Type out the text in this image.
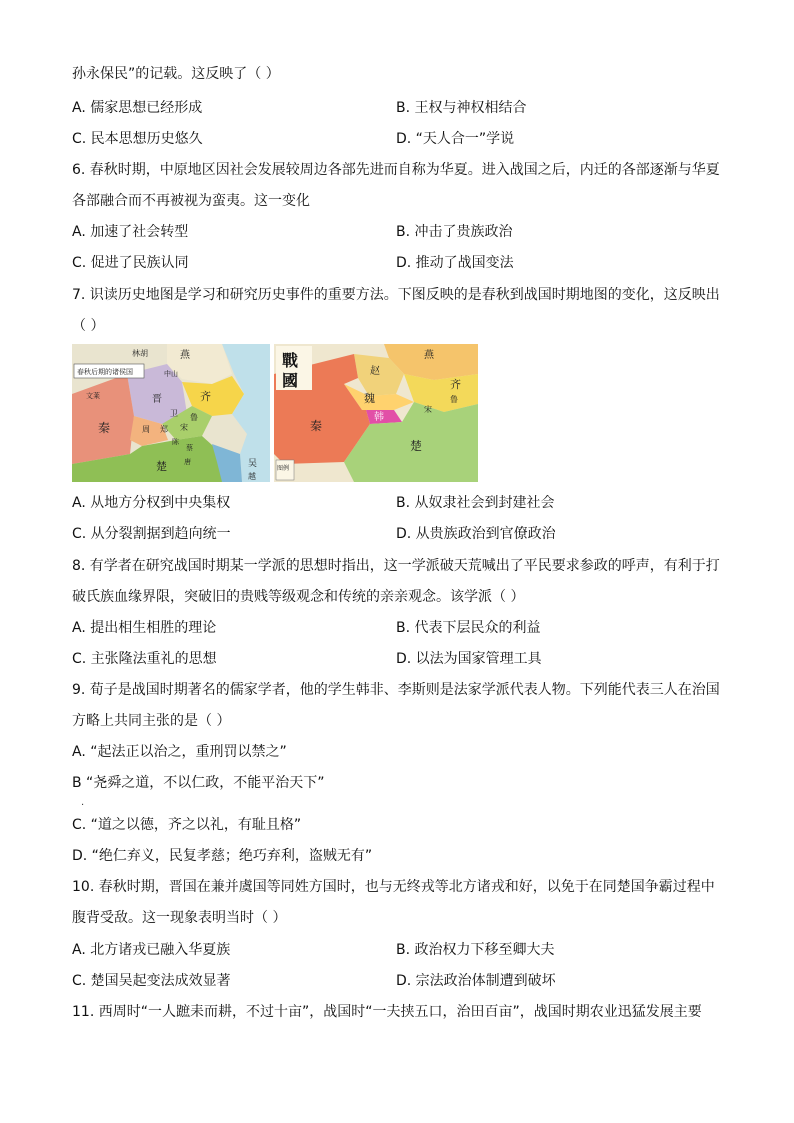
孙永保民”的记载。这反映了（ ）
A. 儒家思想已经形成	B. 王权与神权相结合
C. 民本思想历史悠久	D. “天人合一”学说
6. 春秋时期，中原地区因社会发展较周边各部先进而自称为华夏。进入战国之后，内迁的各部逐渐与华夏
各部融合而不再被视为蛮夷。这一变化
A. 加速了社会转型	B. 冲击了贵族政治
C. 促进了民族认同	D. 推动了战国变法
7. 识读历史地图是学习和研究历史事件的重要方法。下图反映的是春秋到战国时期地图的变化，这反映出
（ ）
春秋后期的诸侯国
林胡	燕
中山
齐
文莱	晋
卫 鲁
秦	周 郑 宋
陈
蔡
楚	吴
唐
越
戰
國
燕
赵
魏
齐
韩
秦
楚
宋
鲁
图例
A. 从地方分权到中央集权	B. 从奴隶社会到封建社会
C. 从分裂割据到趋向统一	D. 从贵族政治到官僚政治
8. 有学者在研究战国时期某一学派的思想时指出，这一学派破天荒喊出了平民要求参政的呼声，有利于打
破氏族血缘界限，突破旧的贵贱等级观念和传统的亲亲观念。该学派（ ）
A. 提出相生相胜的理论	B. 代表下层民众的利益
C. 主张隆法重礼的思想	D. 以法为国家管理工具
9. 荀子是战国时期著名的儒家学者，他的学生韩非、李斯则是法家学派代表人物。下列能代表三人在治国
方略上共同主张的是（ ）
A. “起法正以治之，重刑罚以禁之”
B “尧舜之道，不以仁政，不能平治天下”
.
C. “道之以德，齐之以礼，有耻且格”
D. “绝仁弃义，民复孝慈；绝巧弃利，盗贼无有”
10. 春秋时期，晋国在兼并虞国等同姓方国时，也与无终戎等北方诸戎和好，以免于在同楚国争霸过程中
腹背受敌。这一现象表明当时（ ）
A. 北方诸戎已融入华夏族	B. 政治权力下移至卿大夫
C. 楚国吴起变法成效显著	D. 宗法政治体制遭到破坏
11. 西周时“一人蹠耒而耕，不过十亩”，战国时“一夫挟五口，治田百亩”，战国时期农业迅猛发展主要
